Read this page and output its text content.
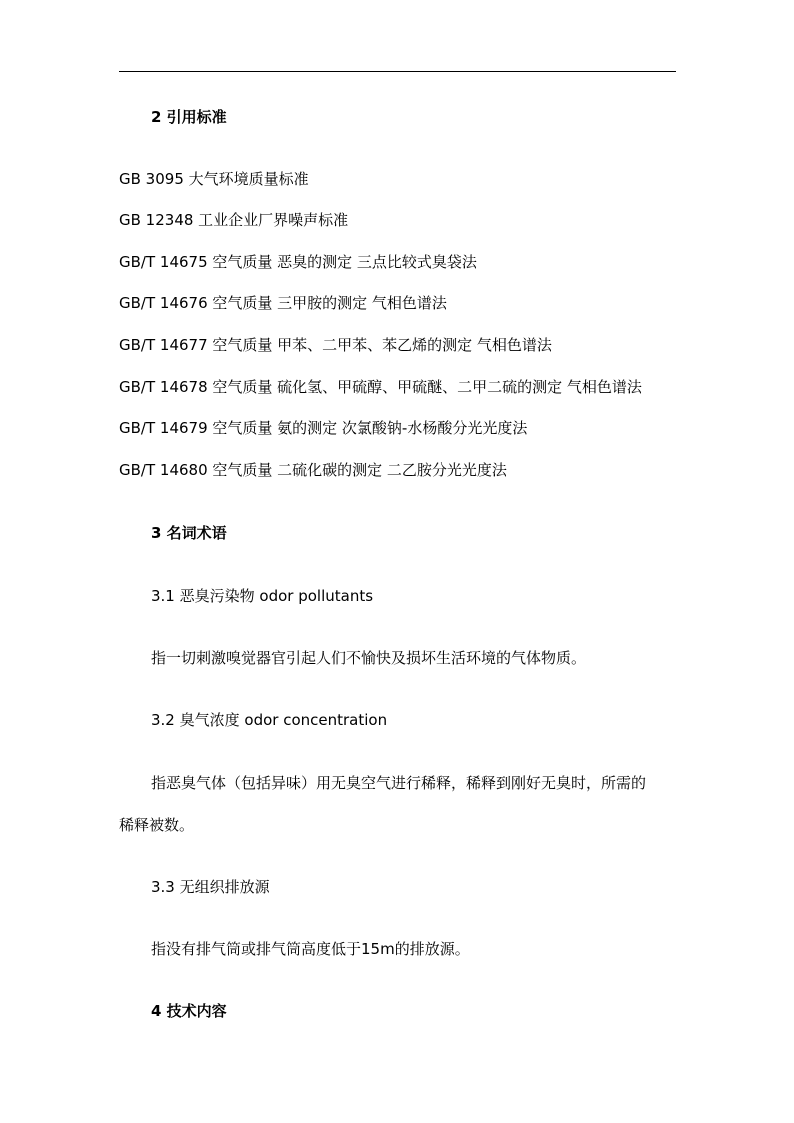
2 引用标准
GB 3095 大气环境质量标准
GB 12348 工业企业厂界噪声标准
GB/T 14675 空气质量 恶臭的测定 三点比较式臭袋法
GB/T 14676 空气质量 三甲胺的测定 气相色谱法
GB/T 14677 空气质量 甲苯、二甲苯、苯乙烯的测定 气相色谱法
GB/T 14678 空气质量 硫化氢、甲硫醇、甲硫醚、二甲二硫的测定 气相色谱法
GB/T 14679 空气质量 氨的测定 次氯酸钠-水杨酸分光光度法
GB/T 14680 空气质量 二硫化碳的测定 二乙胺分光光度法
3 名词术语
3.1 恶臭污染物 odor pollutants
指一切刺激嗅觉器官引起人们不愉快及损坏生活环境的气体物质。
3.2 臭气浓度 odor concentration
指恶臭气体（包括异味）用无臭空气进行稀释，稀释到刚好无臭时，所需的
稀释被数。
3.3 无组织排放源
指没有排气筒或排气筒高度低于15m的排放源。
4 技术内容
